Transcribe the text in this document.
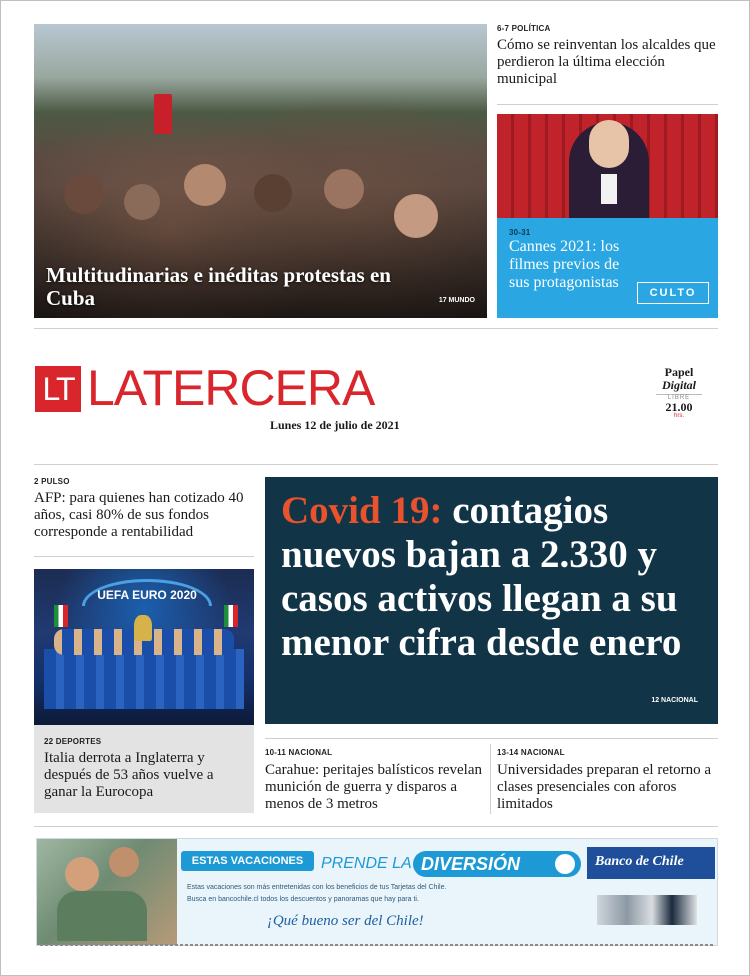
Multitudinarias e inéditas protestas en Cuba	17 MUNDO
6-7 POLÍTICA
Cómo se reinventan los alcaldes que perdieron la última elección municipal
30-31
Cannes 2021: los filmes previos de sus protagonistas
CULTO
LT LATERCERA
Lunes 12 de julio de 2021
Papel
Digital
LIBRE
21.00
hrs.
2 PULSO
AFP: para quienes han cotizado 40 años, casi 80% de sus fondos corresponde a rentabilidad	Covid 19: contagios nuevos bajan a 2.330 y casos activos llegan a su menor cifra desde enero
12 NACIONAL
UEFA EURO 2020
22 DEPORTES
Italia derrota a Inglaterra y después de 53 años vuelve a ganar la Eurocopa
10-11 NACIONAL
Carahue: peritajes balísticos revelan munición de guerra y disparos a menos de 3 metros
13-14 NACIONAL
Universidades preparan el retorno a clases presenciales con aforos limitados
ESTAS VACACIONES	PRENDE LA DIVERSIÓN
Estas vacaciones son más entretenidas con los beneficios de tus Tarjetas del Chile.
Busca en bancochile.cl todos los descuentos y panoramas que hay para ti.
¡Qué bueno ser del Chile!
Banco de Chile
